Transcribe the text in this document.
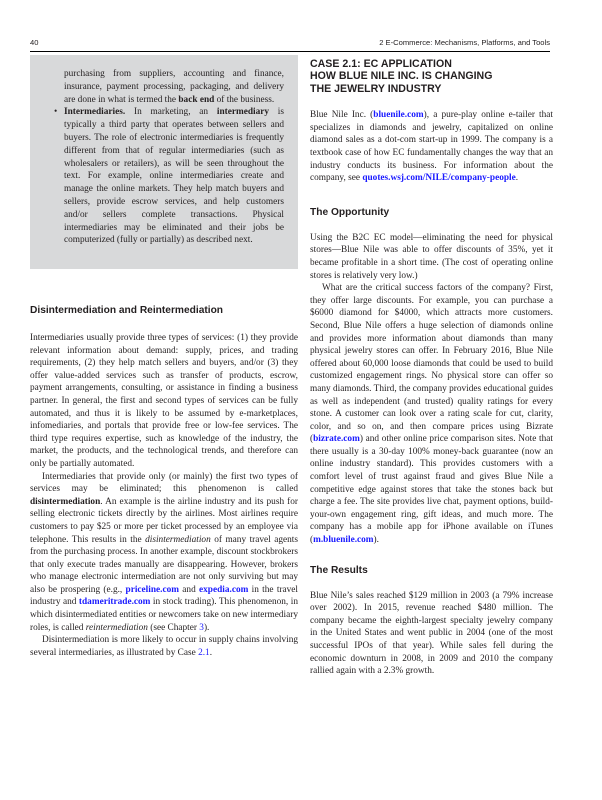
40	2 E-Commerce: Mechanisms, Platforms, and Tools

purchasing from suppliers, accounting and finance, insurance, payment processing, packaging, and delivery are done in what is termed the back end of the business.

• Intermediaries. In marketing, an intermediary is typically a third party that operates between sellers and buyers. The role of electronic intermediaries is frequently different from that of regular intermediaries (such as wholesalers or retailers), as will be seen throughout the text. For example, online intermediaries create and manage the online markets. They help match buyers and sellers, provide escrow services, and help customers and/or sellers complete transactions. Physical intermediaries may be eliminated and their jobs be computerized (fully or partially) as described next.

Disintermediation and Reintermediation

Intermediaries usually provide three types of services: (1) they provide relevant information about demand: supply, prices, and trading requirements, (2) they help match sellers and buyers, and/or (3) they offer value-added services such as transfer of products, escrow, payment arrangements, consulting, or assistance in finding a business partner. In general, the first and second types of services can be fully automated, and thus it is likely to be assumed by e-marketplaces, infomediaries, and portals that provide free or low-fee services. The third type requires expertise, such as knowledge of the industry, the market, the products, and the technological trends, and therefore can only be partially automated.

Intermediaries that provide only (or mainly) the first two types of services may be eliminated; this phenomenon is called disintermediation. An example is the airline industry and its push for selling electronic tickets directly by the airlines. Most airlines require customers to pay $25 or more per ticket processed by an employee via telephone. This results in the disintermediation of many travel agents from the purchasing process. In another example, discount stockbrokers that only execute trades manually are disappearing. However, brokers who manage electronic intermediation are not only surviving but may also be prospering (e.g., priceline.com and expedia.com in the travel industry and tdameritrade.com in stock trading). This phenomenon, in which disintermediated entities or newcomers take on new intermediary roles, is called reintermediation (see Chapter 3).

Disintermediation is more likely to occur in supply chains involving several intermediaries, as illustrated by Case 2.1.

CASE 2.1: EC APPLICATION

HOW BLUE NILE INC. IS CHANGING

THE JEWELRY INDUSTRY

Blue Nile Inc. (bluenile.com), a pure-play online e-tailer that specializes in diamonds and jewelry, capitalized on online diamond sales as a dot-com start-up in 1999. The company is a textbook case of how EC fundamentally changes the way that an industry conducts its business. For information about the company, see quotes.wsj.com/NILE/company-people.

The Opportunity

Using the B2C EC model—eliminating the need for physical stores—Blue Nile was able to offer discounts of 35%, yet it became profitable in a short time. (The cost of operating online stores is relatively very low.)

What are the critical success factors of the company? First, they offer large discounts. For example, you can purchase a $6000 diamond for $4000, which attracts more customers. Second, Blue Nile offers a huge selection of diamonds online and provides more information about diamonds than many physical jewelry stores can offer. In February 2016, Blue Nile offered about 60,000 loose diamonds that could be used to build customized engagement rings. No physical store can offer so many diamonds. Third, the company provides educational guides as well as independent (and trusted) quality ratings for every stone. A customer can look over a rating scale for cut, clarity, color, and so on, and then compare prices using Bizrate (bizrate.com) and other online price comparison sites. Note that there usually is a 30-day 100% money-back guarantee (now an online industry standard). This provides customers with a comfort level of trust against fraud and gives Blue Nile a competitive edge against stores that take the stones back but charge a fee. The site provides live chat, payment options, build-your-own engagement ring, gift ideas, and much more. The company has a mobile app for iPhone available on iTunes (m.bluenile.com).

The Results

Blue Nile’s sales reached $129 million in 2003 (a 79% increase over 2002). In 2015, revenue reached $480 million. The company became the eighth-largest specialty jewelry company in the United States and went public in 2004 (one of the most successful IPOs of that year). While sales fell during the economic downturn in 2008, in 2009 and 2010 the company rallied again with a 2.3% growth.
